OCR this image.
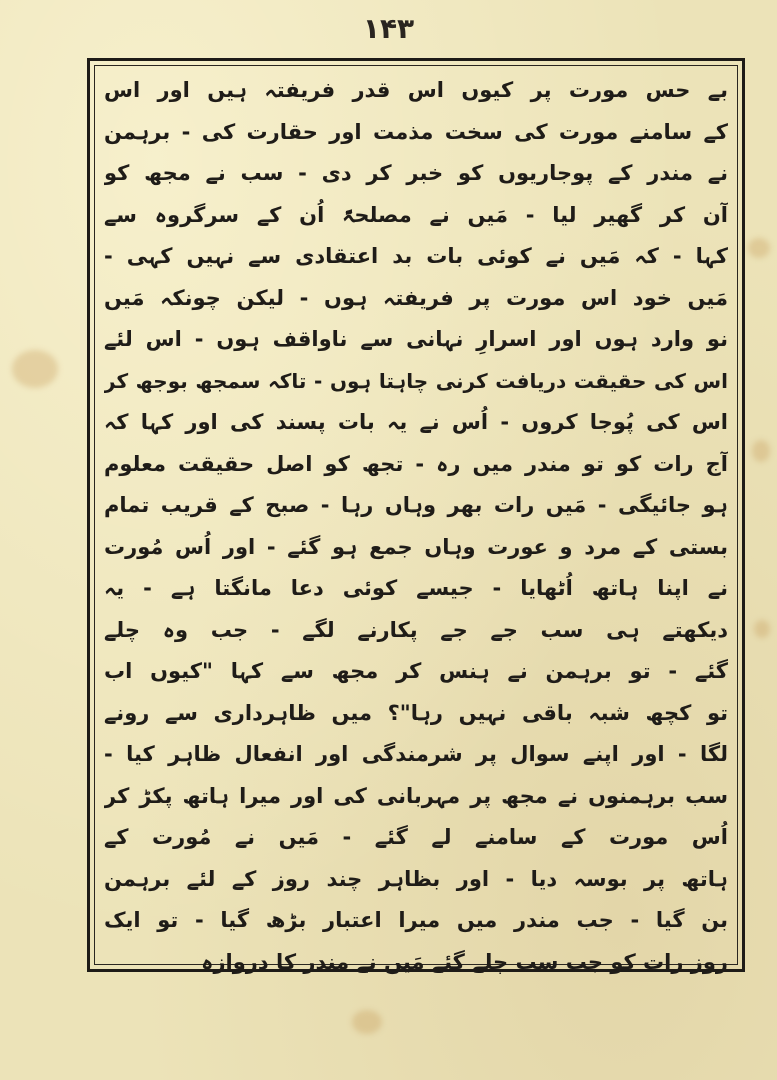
۱۴۳
بے حس مورت پر کیوں اس قدر فریفتہ ہیں اور اس
کے سامنے مورت کی سخت مذمت اور حقارت کی - برہمن
نے مندر کے پوجاریوں کو خبر کر دی - سب نے مجھ کو
آن کر گھیر لیا - مَیں نے مصلحۃً اُن کے سرگروہ سے
کہا - کہ مَیں نے کوئی بات بد اعتقادی سے نہیں کہی -
مَیں خود اس مورت پر فریفتہ ہوں - لیکن چونکہ مَیں
نو وارد ہوں اور اسرارِ نہانی سے ناواقف ہوں - اس لئے
اس کی حقیقت دریافت کرنی چاہتا ہوں - تاکہ سمجھ بوجھ کر
اس کی پُوجا کروں - اُس نے یہ بات پسند کی اور کہا کہ
آج رات کو تو مندر میں رہ - تجھ کو اصل حقیقت معلوم
ہو جائیگی - مَیں رات بھر وہاں رہا - صبح کے قریب تمام
بستی کے مرد و عورت وہاں جمع ہو گئے - اور اُس مُورت
نے اپنا ہاتھ اُٹھایا - جیسے کوئی دعا مانگتا ہے - یہ
دیکھتے ہی سب جے جے پکارنے لگے - جب وہ چلے
گئے - تو برہمن نے ہنس کر مجھ سے کہا "کیوں اب
تو کچھ شبہ باقی نہیں رہا"؟ میں ظاہرداری سے رونے
لگا - اور اپنے سوال پر شرمندگی اور انفعال ظاہر کیا -
سب برہمنوں نے مجھ پر مہربانی کی اور میرا ہاتھ پکڑ کر
اُس مورت کے سامنے لے گئے - مَیں نے مُورت کے
ہاتھ پر بوسہ دیا - اور بظاہر چند روز کے لئے برہمن
بن گیا - جب مندر میں میرا اعتبار بڑھ گیا - تو ایک
روز رات کو جب سب چلے گئے مَیں نے مندر کا دروازہ
